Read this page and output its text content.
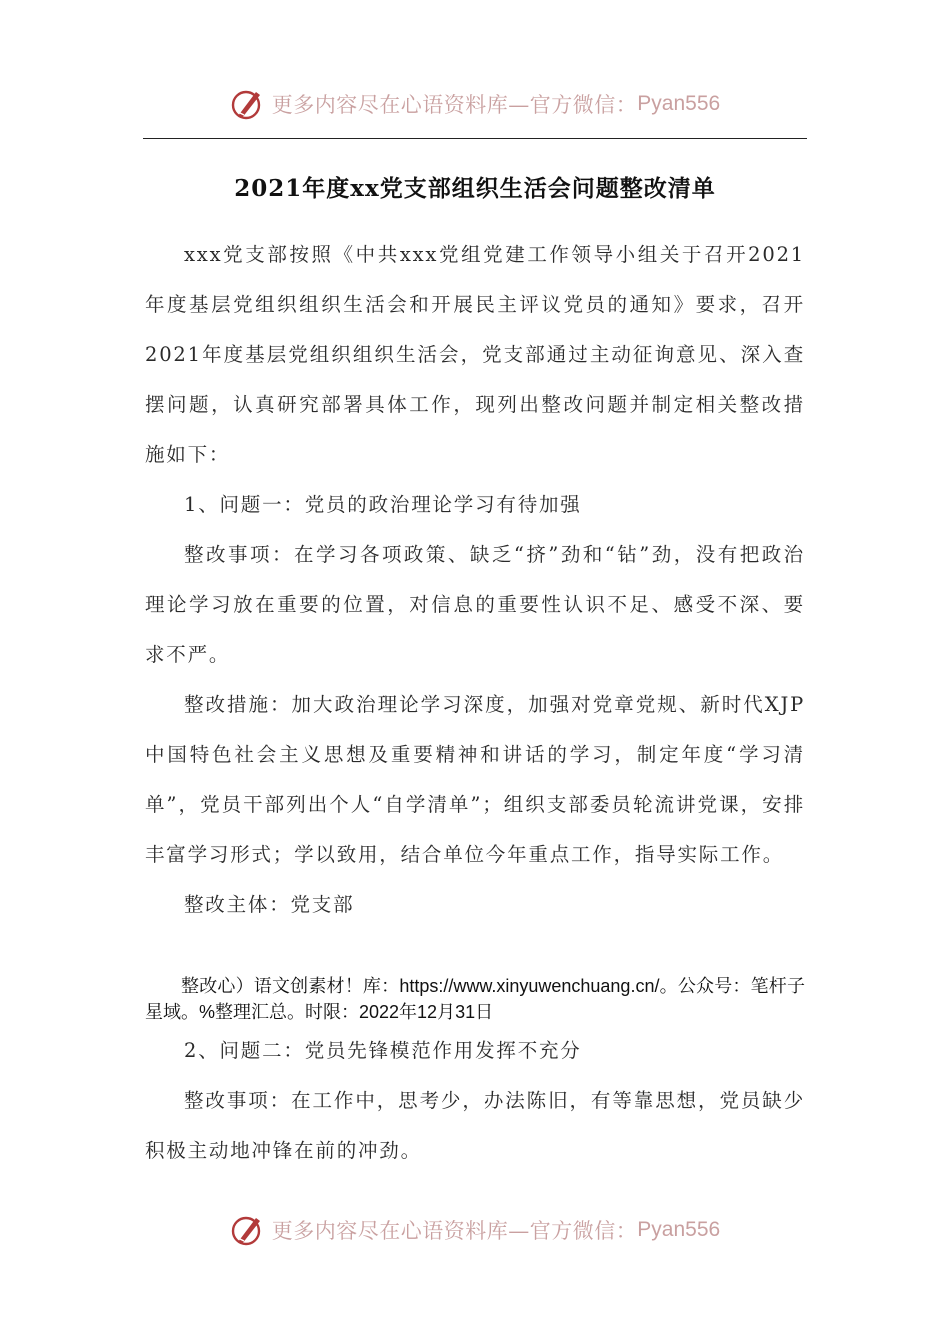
更多内容尽在心语资料库—官方微信： Pyan556
2021年度xx党支部组织生活会问题整改清单

xxx党支部按照《中共xxx党组党建工作领导小组关于召开2021年度基层党组织组织生活会和开展民主评议党员的通知》要求，召开2021年度基层党组织组织生活会，党支部通过主动征询意见、深入查摆问题，认真研究部署具体工作，现列出整改问题并制定相关整改措施如下：

1、问题一：党员的政治理论学习有待加强

整改事项：在学习各项政策、缺乏“挤”劲和“钻”劲，没有把政治理论学习放在重要的位置，对信息的重要性认识不足、感受不深、要求不严。

整改措施：加大政治理论学习深度，加强对党章党规、新时代XJP中国特色社会主义思想及重要精神和讲话的学习，制定年度“学习清单”，党员干部列出个人“自学清单”；组织支部委员轮流讲党课，安排丰富学习形式；学以致用，结合单位今年重点工作，指导实际工作。

整改主体：党支部

整改心）语文创素材！库：https://www.xinyuwenchuang.cn/。公众号：笔杆子星域。%整理汇总。时限：2022年12月31日

2、问题二：党员先锋模范作用发挥不充分

整改事项：在工作中，思考少，办法陈旧，有等靠思想，党员缺少积极主动地冲锋在前的冲劲。

更多内容尽在心语资料库—官方微信： Pyan556
